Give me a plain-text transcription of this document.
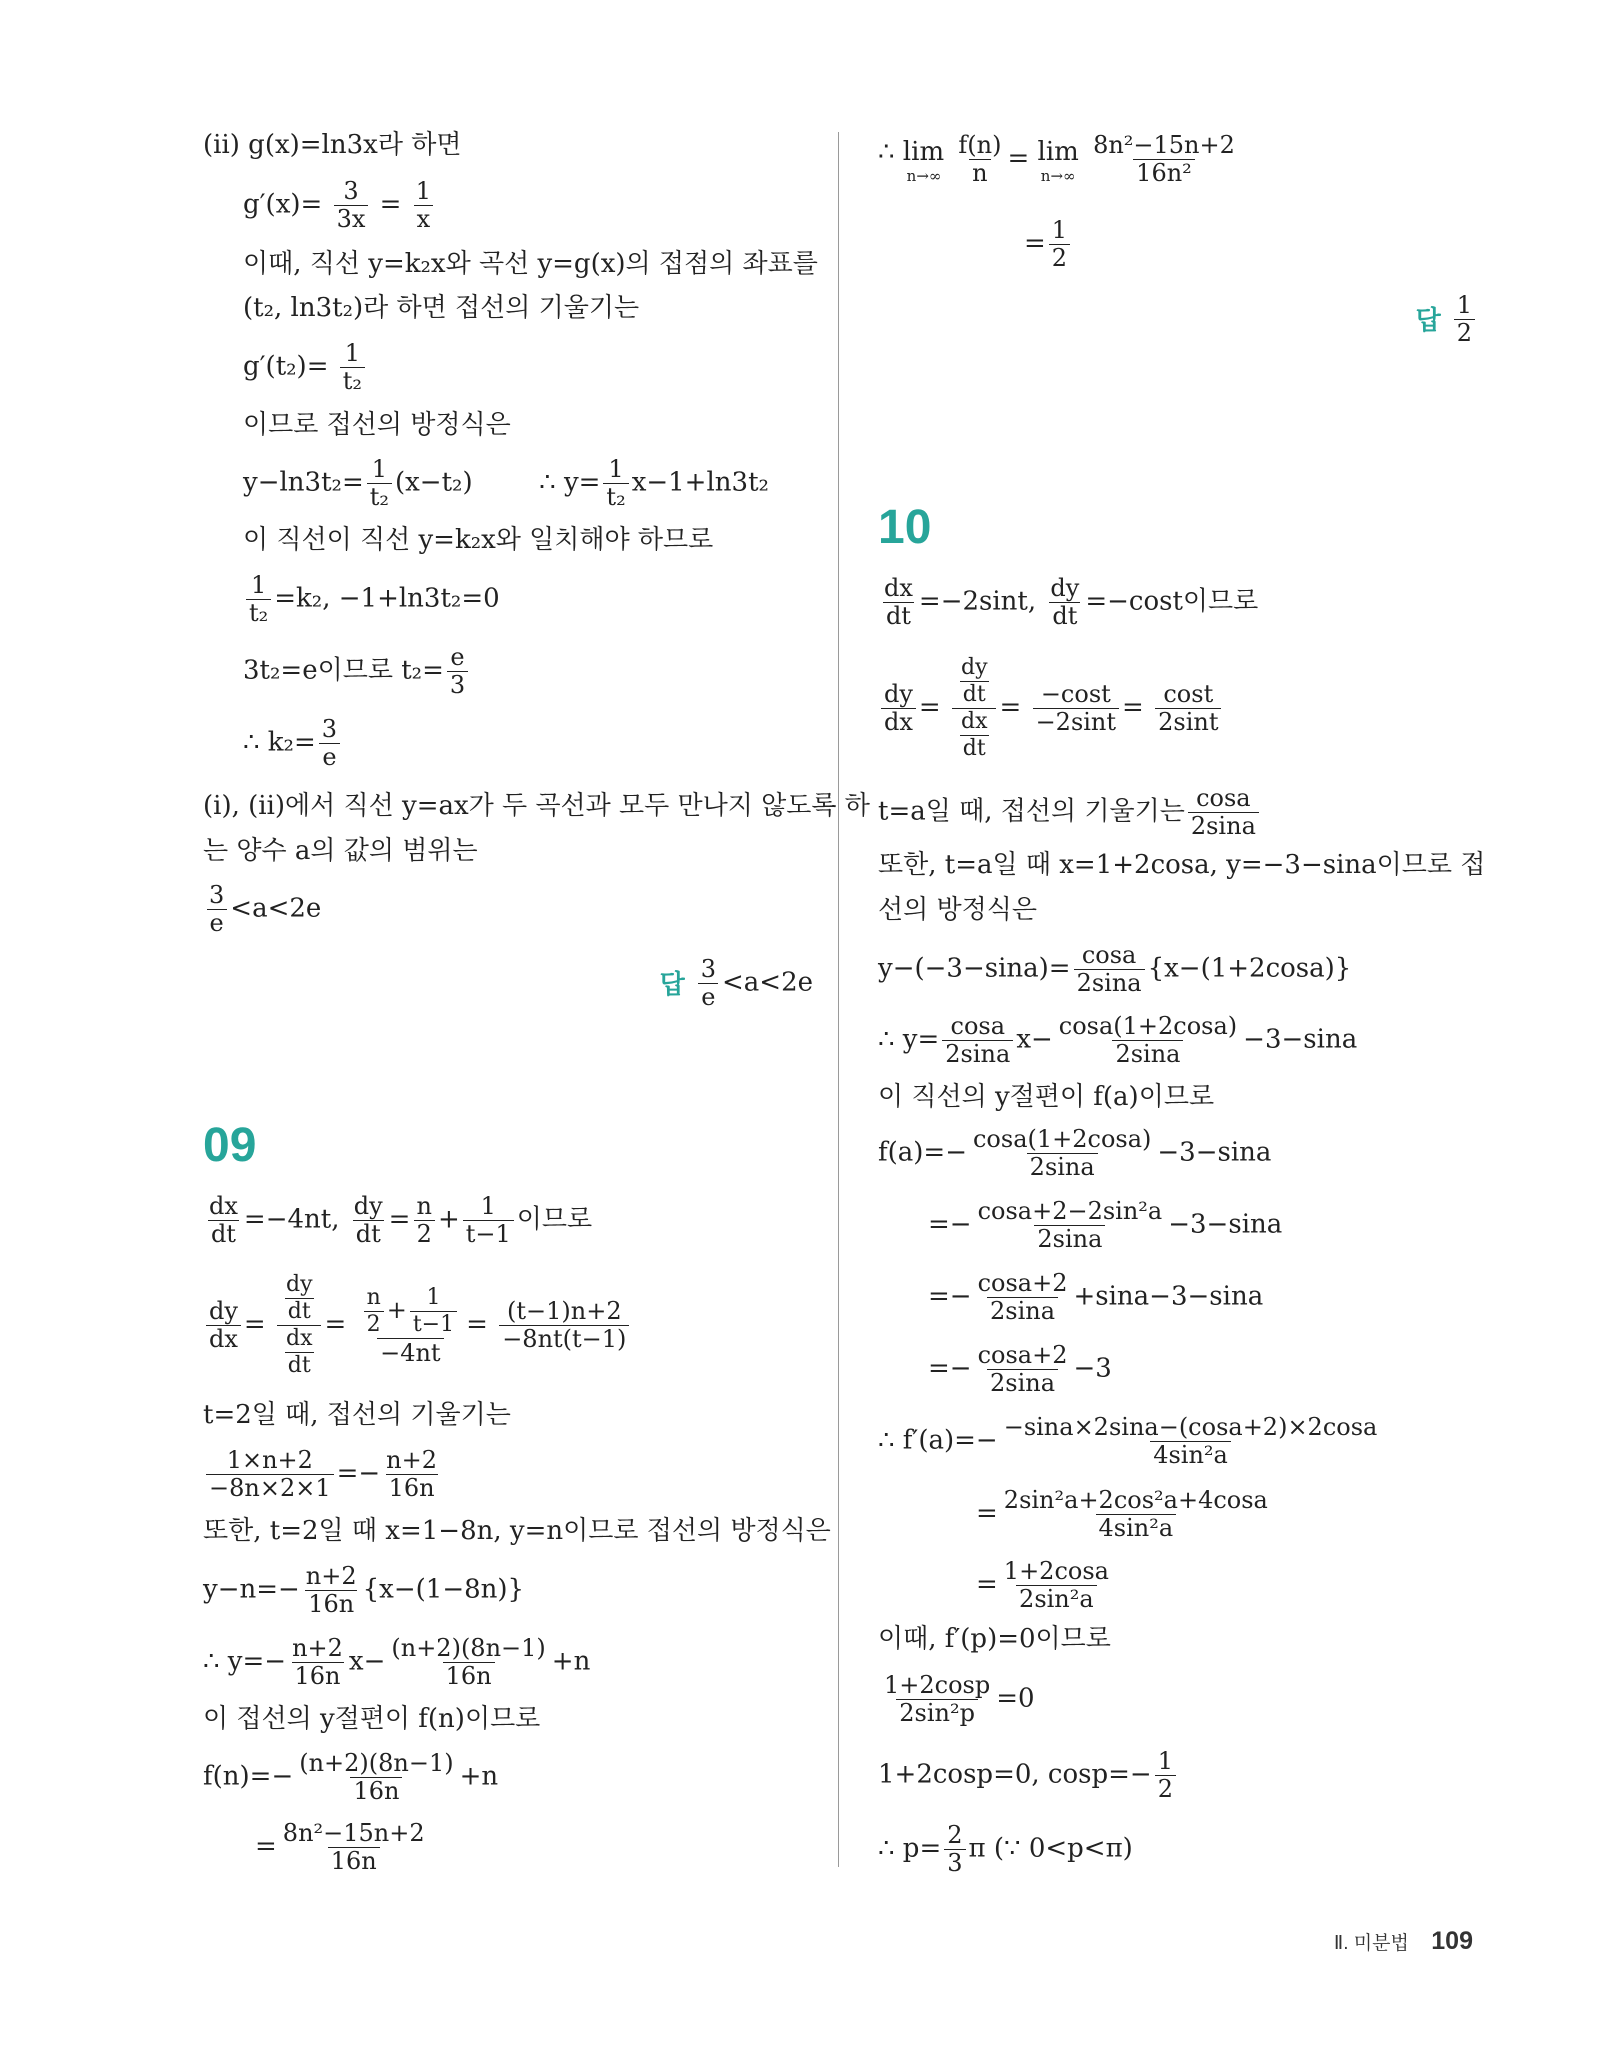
(ⅱ) g(x)=ln3x라 하면
$g'(x)= \frac{3}{3x} = \frac{1}{x}$
이때, 직선 y=k₂x와 곡선 y=g(x)의 접점의 좌표를
(t₂, ln3t₂)라 하면 접선의 기울기는
$g'(t_2)= \frac{1}{\text{t₂}}$
이므로 접선의 방정식은
$y-\ln 3t_2= \frac{1}{\text{t₂}} (x-t_2)$	∴ $y= \frac{1}{\text{t₂}} x-1+\ln 3t_2$
이 직선이 직선 y=k₂x와 일치해야 하므로
$\frac{1}{\text{t₂}} =k_2$, −1+ln3t₂=0
3t₂=e이므로 $t_2= \frac{e}{3}$
∴ $k_2= \frac{3}{e}$
(ⅰ), (ⅱ)에서 직선 y=ax가 두 곡선과 모두 만나지 않도록 하
는 양수 a의 값의 범위는
$\frac{3}{e} <a<2e$
답 $\frac{3}{e} <a<2e$
09
$\frac{dx}{dt} =-4nt$, $\frac{dy}{dt} = \frac{n}{2} + \frac{1}{t-1}$ 이므로
$\frac{dy}{dx} = \frac{\frac{dy}{dt}}{\frac{dx}{dt}} = \frac{\frac{n}{2} + \frac{1}{t-1}}{-4nt} = \frac{(t-1)n+2}{-8nt(t-1)}$
t=2일 때, 접선의 기울기는
$\frac{1\times n+2}{-8n\times 2\times 1} =- \frac{n+2}{16n}$
또한, t=2일 때 x=1−8n, y=n이므로 접선의 방정식은
$y-n=- \frac{n+2}{16n} \{x-(1-8n)\}$
∴ $y=- \frac{n+2}{16n} x- \frac{(n+2)(8n-1)}{16n} +n$
이 접선의 y절편이 f(n)이므로
$f(n)=- \frac{(n+2)(8n-1)}{16n} +n$
= $\frac{\text{8n²−15n+2}}{16n}$
∴ lim
n→∞
$\frac{f(n)}{n} = \lim$
n→∞
$\frac{\text{8n²−15n+2}}{\text{16n²}}$
= $\frac{1}{2}$
답 $\frac{1}{2}$
10
$\frac{dx}{dt} =-2\sin t$, $\frac{dy}{dt} =-\cos t$이므로
$\frac{dy}{dx} = \frac{\frac{dy}{dt}}{\frac{dx}{dt}} = \frac{-\cos t}{-2\sin t} = \frac{\cos t}{2\sin t}$
t=a일 때, 접선의 기울기는 $\frac{\cos a}{2\sin a}$
또한, t=a일 때 x=1+2cosa, y=−3−sina이므로 접
선의 방정식은
$y-(-3-\sin a)= \frac{\cos a}{2\sin a} \{x-(1+2\cos a)\}$
∴ $y= \frac{\cos a}{2\sin a} x- \frac{\cos a(1+2\cos a)}{2\sin a} -3-\sin a$
이 직선의 y절편이 f(a)이므로
$f(a)=- \frac{\cos a(1+2\cos a)}{2\sin a} -3-\sin a$
=− $\frac{\text{cosa+2−2sin²a}}{2\sin a} -3-\sin a$
=− $\frac{\cos a+2}{2\sin a} +\sin a-3-\sin a$
=− $\frac{\cos a+2}{2\sin a} -3$
∴ $f'(a)=- \frac{-\sin a\times 2\sin a-(\cos a+2)\times 2\cos a}{\text{4sin²a}}$
= $\frac{\text{2sin²a+2cos²a+4cosa}}{\text{4sin²a}}$
= $\frac{1+2\cos a}{\text{2sin²a}}$
이때, f′(p)=0이므로
$\frac{1+2\cos p}{\text{2sin²p}} =0$
1+2cosp=0, $\cos p=- \frac{1}{2}$
∴ $p= \frac{2}{3}$ π (∵ 0<p<π)
Ⅱ. 미분법 109
